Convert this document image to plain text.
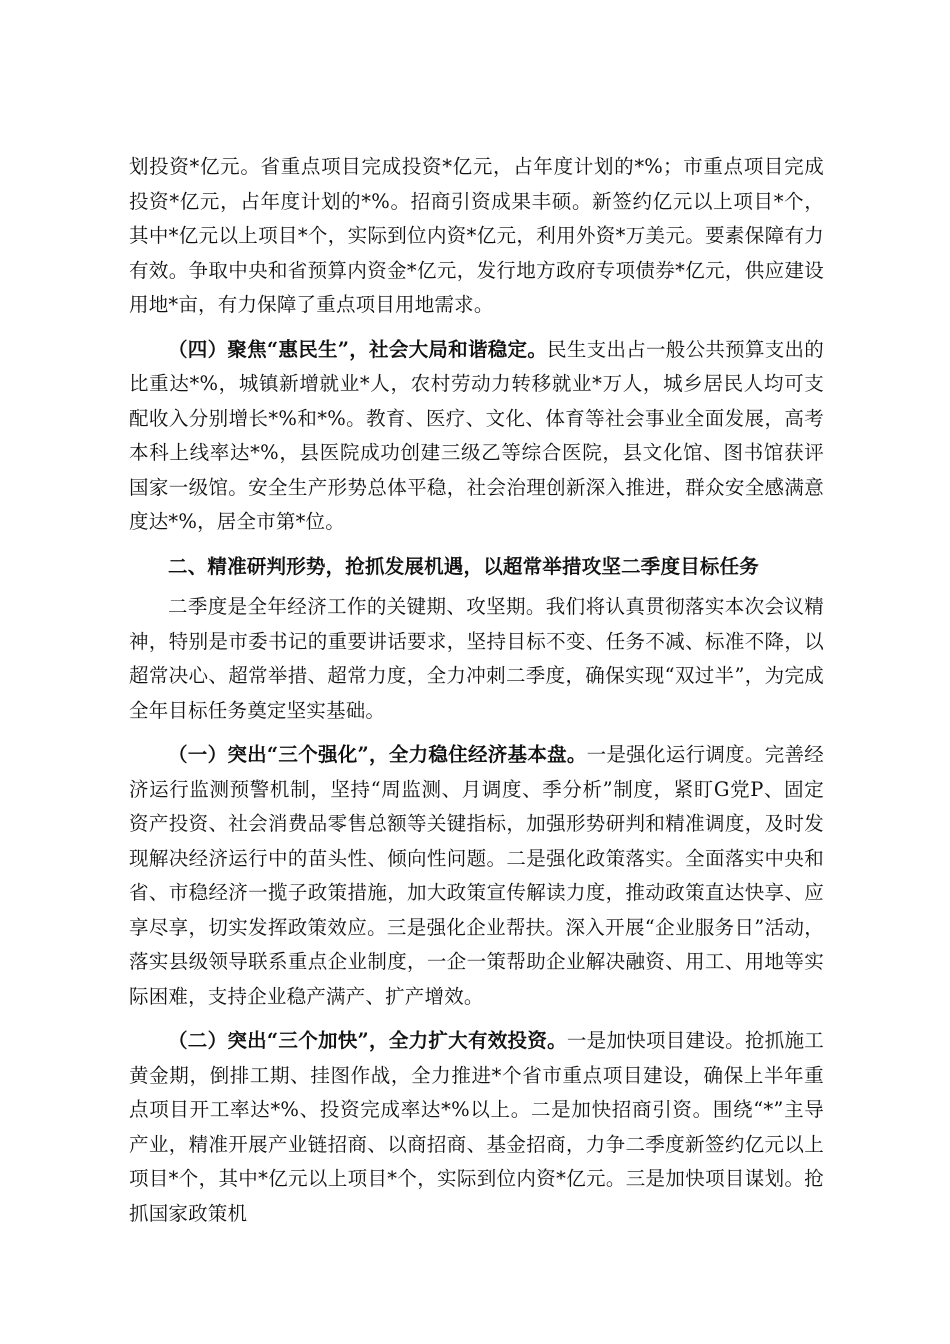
划投资*亿元。省重点项目完成投资*亿元，占年度计划的*%；市重点项目完成投资*亿元，占年度计划的*%。招商引资成果丰硕。新签约亿元以上项目*个，其中*亿元以上项目*个，实际到位内资*亿元，利用外资*万美元。要素保障有力有效。争取中央和省预算内资金*亿元，发行地方政府专项债券*亿元，供应建设用地*亩，有力保障了重点项目用地需求。

（四）聚焦“惠民生”，社会大局和谐稳定。民生支出占一般公共预算支出的比重达*%，城镇新增就业*人，农村劳动力转移就业*万人，城乡居民人均可支配收入分别增长*%和*%。教育、医疗、文化、体育等社会事业全面发展，高考本科上线率达*%，县医院成功创建三级乙等综合医院，县文化馆、图书馆获评国家一级馆。安全生产形势总体平稳，社会治理创新深入推进，群众安全感满意度达*%，居全市第*位。

二、精准研判形势，抢抓发展机遇，以超常举措攻坚二季度目标任务

二季度是全年经济工作的关键期、攻坚期。我们将认真贯彻落实本次会议精神，特别是市委书记的重要讲话要求，坚持目标不变、任务不减、标准不降，以超常决心、超常举措、超常力度，全力冲刺二季度，确保实现“双过半”，为完成全年目标任务奠定坚实基础。

（一）突出“三个强化”，全力稳住经济基本盘。一是强化运行调度。完善经济运行监测预警机制，坚持“周监测、月调度、季分析”制度，紧盯G党P、固定资产投资、社会消费品零售总额等关键指标，加强形势研判和精准调度，及时发现解决经济运行中的苗头性、倾向性问题。二是强化政策落实。全面落实中央和省、市稳经济一揽子政策措施，加大政策宣传解读力度，推动政策直达快享、应享尽享，切实发挥政策效应。三是强化企业帮扶。深入开展“企业服务日”活动，落实县级领导联系重点企业制度，一企一策帮助企业解决融资、用工、用地等实际困难，支持企业稳产满产、扩产增效。

（二）突出“三个加快”，全力扩大有效投资。一是加快项目建设。抢抓施工黄金期，倒排工期、挂图作战，全力推进*个省市重点项目建设，确保上半年重点项目开工率达*%、投资完成率达*%以上。二是加快招商引资。围绕“*”主导产业，精准开展产业链招商、以商招商、基金招商，力争二季度新签约亿元以上项目*个，其中*亿元以上项目*个，实际到位内资*亿元。三是加快项目谋划。抢抓国家政策机
